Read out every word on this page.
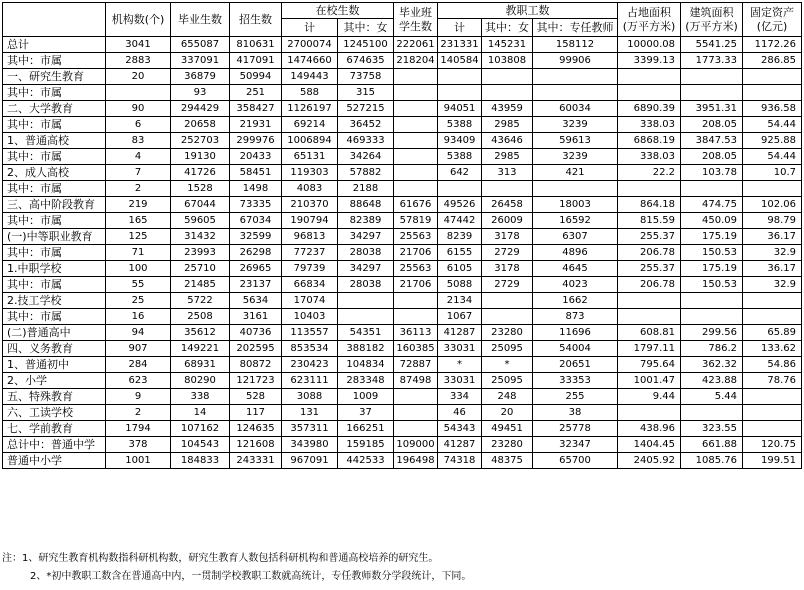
	机构数(个)	毕业生数	招生数	在校生数		毕业班学生数	教职工数			占地面积(万平方米)	建筑面积(万平方米)	固定资产(亿元)
				计	其中：女		计	其中：女	其中：专任教师			
总计	3041	655087	810631	2700074	1245100	222061	231331	145231	158112	10000.08	5541.25	1172.26
其中：市属	2883	337091	417091	1474660	674635	218204	140584	103808	99906	3399.13	1773.33	286.85
一、研究生教育	20	36879	50994	149443	73758							
其中：市属		93	251	588	315							
二、大学教育	90	294429	358427	1126197	527215		94051	43959	60034	6890.39	3951.31	936.58
其中：市属	6	20658	21931	69214	36452		5388	2985	3239	338.03	208.05	54.44
1、普通高校	83	252703	299976	1006894	469333		93409	43646	59613	6868.19	3847.53	925.88
其中：市属	4	19130	20433	65131	34264		5388	2985	3239	338.03	208.05	54.44
2、成人高校	7	41726	58451	119303	57882		642	313	421	22.2	103.78	10.7
其中：市属	2	1528	1498	4083	2188							
三、高中阶段教育	219	67044	73335	210370	88648	61676	49526	26458	18003	864.18	474.75	102.06
其中：市属	165	59605	67034	190794	82389	57819	47442	26009	16592	815.59	450.09	98.79
(一)中等职业教育	125	31432	32599	96813	34297	25563	8239	3178	6307	255.37	175.19	36.17
其中：市属	71	23993	26298	77237	28038	21706	6155	2729	4896	206.78	150.53	32.9
1.中职学校	100	25710	26965	79739	34297	25563	6105	3178	4645	255.37	175.19	36.17
其中：市属	55	21485	23137	66834	28038	21706	5088	2729	4023	206.78	150.53	32.9
2.技工学校	25	5722	5634	17074			2134		1662			
其中：市属	16	2508	3161	10403			1067		873			
(二)普通高中	94	35612	40736	113557	54351	36113	41287	23280	11696	608.81	299.56	65.89
四、义务教育	907	149221	202595	853534	388182	160385	33031	25095	54004	1797.11	786.2	133.62
1、普通初中	284	68931	80872	230423	104834	72887	*	*	20651	795.64	362.32	54.86
2、小学	623	80290	121723	623111	283348	87498	33031	25095	33353	1001.47	423.88	78.76
五、特殊教育	9	338	528	3088	1009		334	248	255	9.44	5.44	
六、工读学校	2	14	117	131	37		46	20	38			
七、学前教育	1794	107162	124635	357311	166251		54343	49451	25778	438.96	323.55	
总计中：普通中学	378	104543	121608	343980	159185	109000	41287	23280	32347	1404.45	661.88	120.75
普通中小学	1001	184833	243331	967091	442533	196498	74318	48375	65700	2405.92	1085.76	199.51
注：1、研究生教育机构数指科研机构数，研究生教育人数包括科研机构和普通高校培养的研究生。
2、*初中教职工数含在普通高中内，一贯制学校教职工数就高统计，专任教师数分学段统计，下同。
